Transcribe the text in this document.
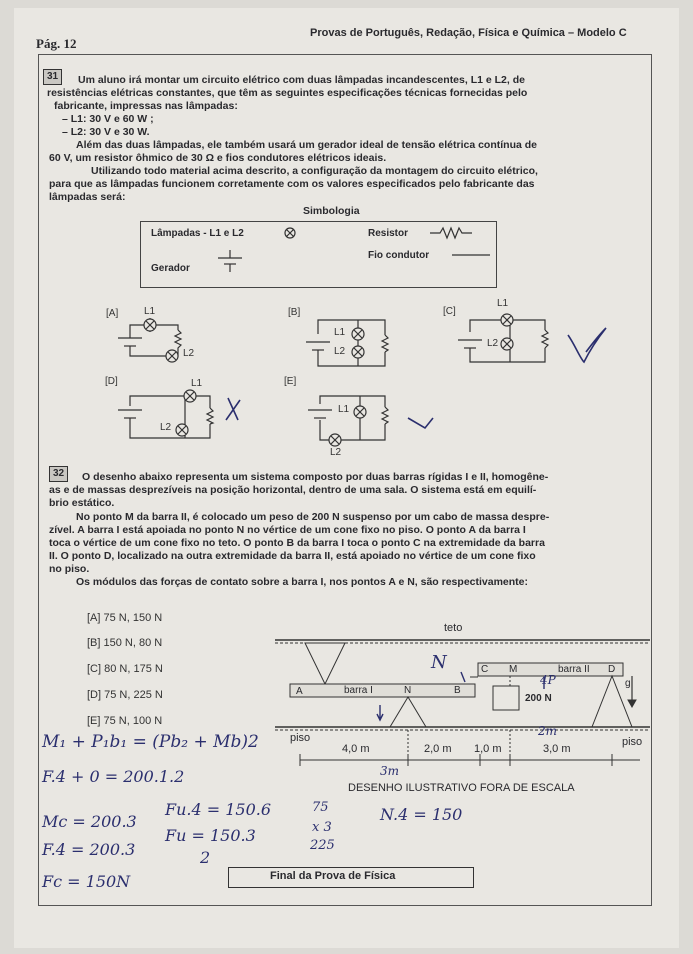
Pág. 12
Provas de Português, Redação, Física e Química – Modelo C
31	Um aluno irá montar um circuito elétrico com duas lâmpadas incandescentes, L1 e L2, de
resistências elétricas constantes, que têm as seguintes especificações técnicas fornecidas pelo
fabricante, impressas nas lâmpadas:
– L1: 30 V e 60 W ;
– L2: 30 V e 30 W.
Além das duas lâmpadas, ele também usará um gerador ideal de tensão elétrica contínua de
60 V, um resistor ôhmico de 30 Ω e fios condutores elétricos ideais.
Utilizando todo material acima descrito, a configuração da montagem do circuito elétrico,
para que as lâmpadas funcionem corretamente com os valores especificados pelo fabricante das
lâmpadas será:
Simbologia
Lâmpadas - L1 e L2	Resistor
Gerador
Fio condutor
[A]	[B]	[C]
[D]	[E]
L1
L2
L1
L2
L1
L2
L1
L2
L1
L2
32	O desenho abaixo representa um sistema composto por duas barras rígidas I e II, homogêne-
as e de massas desprezíveis na posição horizontal, dentro de uma sala. O sistema está em equilí-
brio estático.
No ponto M da barra II, é colocado um peso de 200 N suspenso por um cabo de massa despre-
zível. A barra I está apoiada no ponto N no vértice de um cone fixo no piso. O ponto A da barra I
toca o vértice de um cone fixo no teto. O ponto B da barra I toca o ponto C na extremidade da barra
II. O ponto D, localizado na outra extremidade da barra II, está apoiado no vértice de um cone fixo
no piso.
Os módulos das forças de contato sobre a barra I, nos pontos A e N, são respectivamente:
[A] 75 N, 150 N
[B] 150 N, 80 N
[C] 80 N, 175 N
[D] 75 N, 225 N
[E] 75 N, 100 N
teto
piso	piso
barra I
barra II
A	N	B
C M	D
g
200 N
4,0 m	2,0 m 1,0 m	3,0 m
DESENHO ILUSTRATIVO FORA DE ESCALA
M₁ + P₁b₁ = (Pb₂ + Mb)2
F.4 + 0 = 200.1.2
Mc = 200.3
F.4 = 200.3
Fc = 150N
Fu.4 = 150.6
Fu = 150.3
2
N.4 = 150
75
x 3
225
3m
4P
2m
N
Final da Prova de Física
